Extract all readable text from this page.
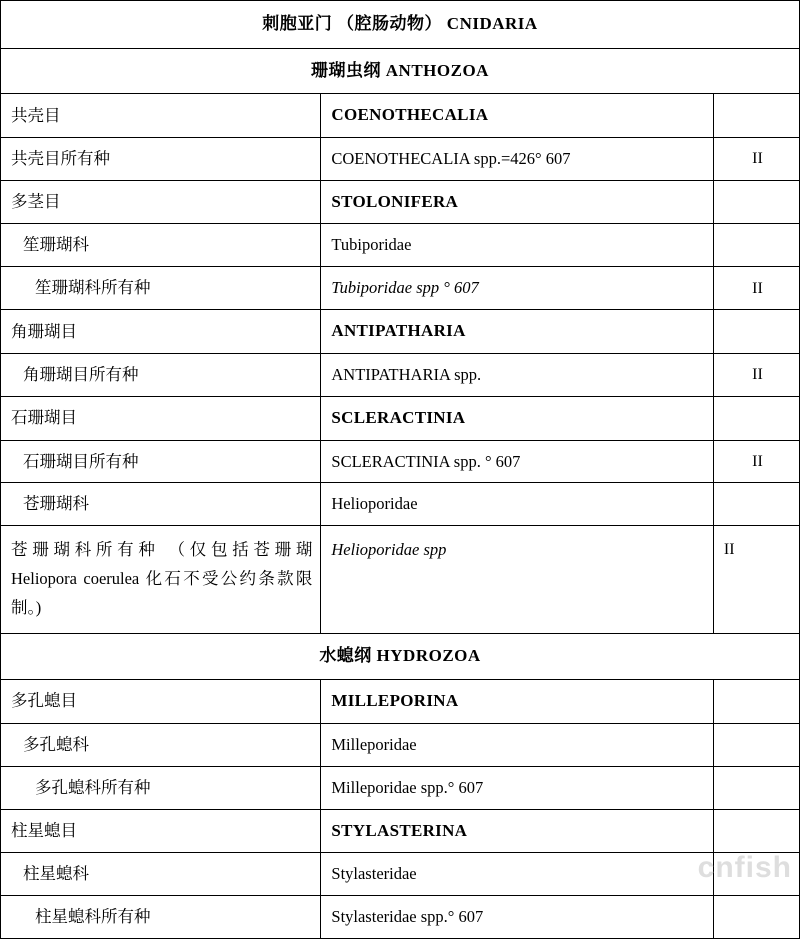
刺胞亚门 （腔肠动物） CNIDARIA		

珊瑚虫纲 ANTHOZOA		

共壳目	COENOTHECALIA	

共壳目所有种	COENOTHECALIA spp.=426° 607	II

多茎目	STOLONIFERA	

笙珊瑚科	Tubiporidae	

笙珊瑚科所有种	Tubiporidae spp ° 607	II

角珊瑚目	ANTIPATHARIA	

角珊瑚目所有种	ANTIPATHARIA spp.	II

石珊瑚目	SCLERACTINIA	

石珊瑚目所有种	SCLERACTINIA spp. ° 607	II

苍珊瑚科	Helioporidae	

苍珊瑚科所有种 （仅包括苍珊瑚 Heliopora coerulea 化石不受公约条款限制。)	Helioporidae spp	II

水螅纲 HYDROZOA		

多孔螅目	MILLEPORINA	

多孔螅科	Milleporidae	

多孔螅科所有种	Milleporidae spp.° 607	

柱星螅目	STYLASTERINA	

柱星螅科	Stylasteridae	

柱星螅科所有种	Stylasteridae spp.° 607	

cnfish
